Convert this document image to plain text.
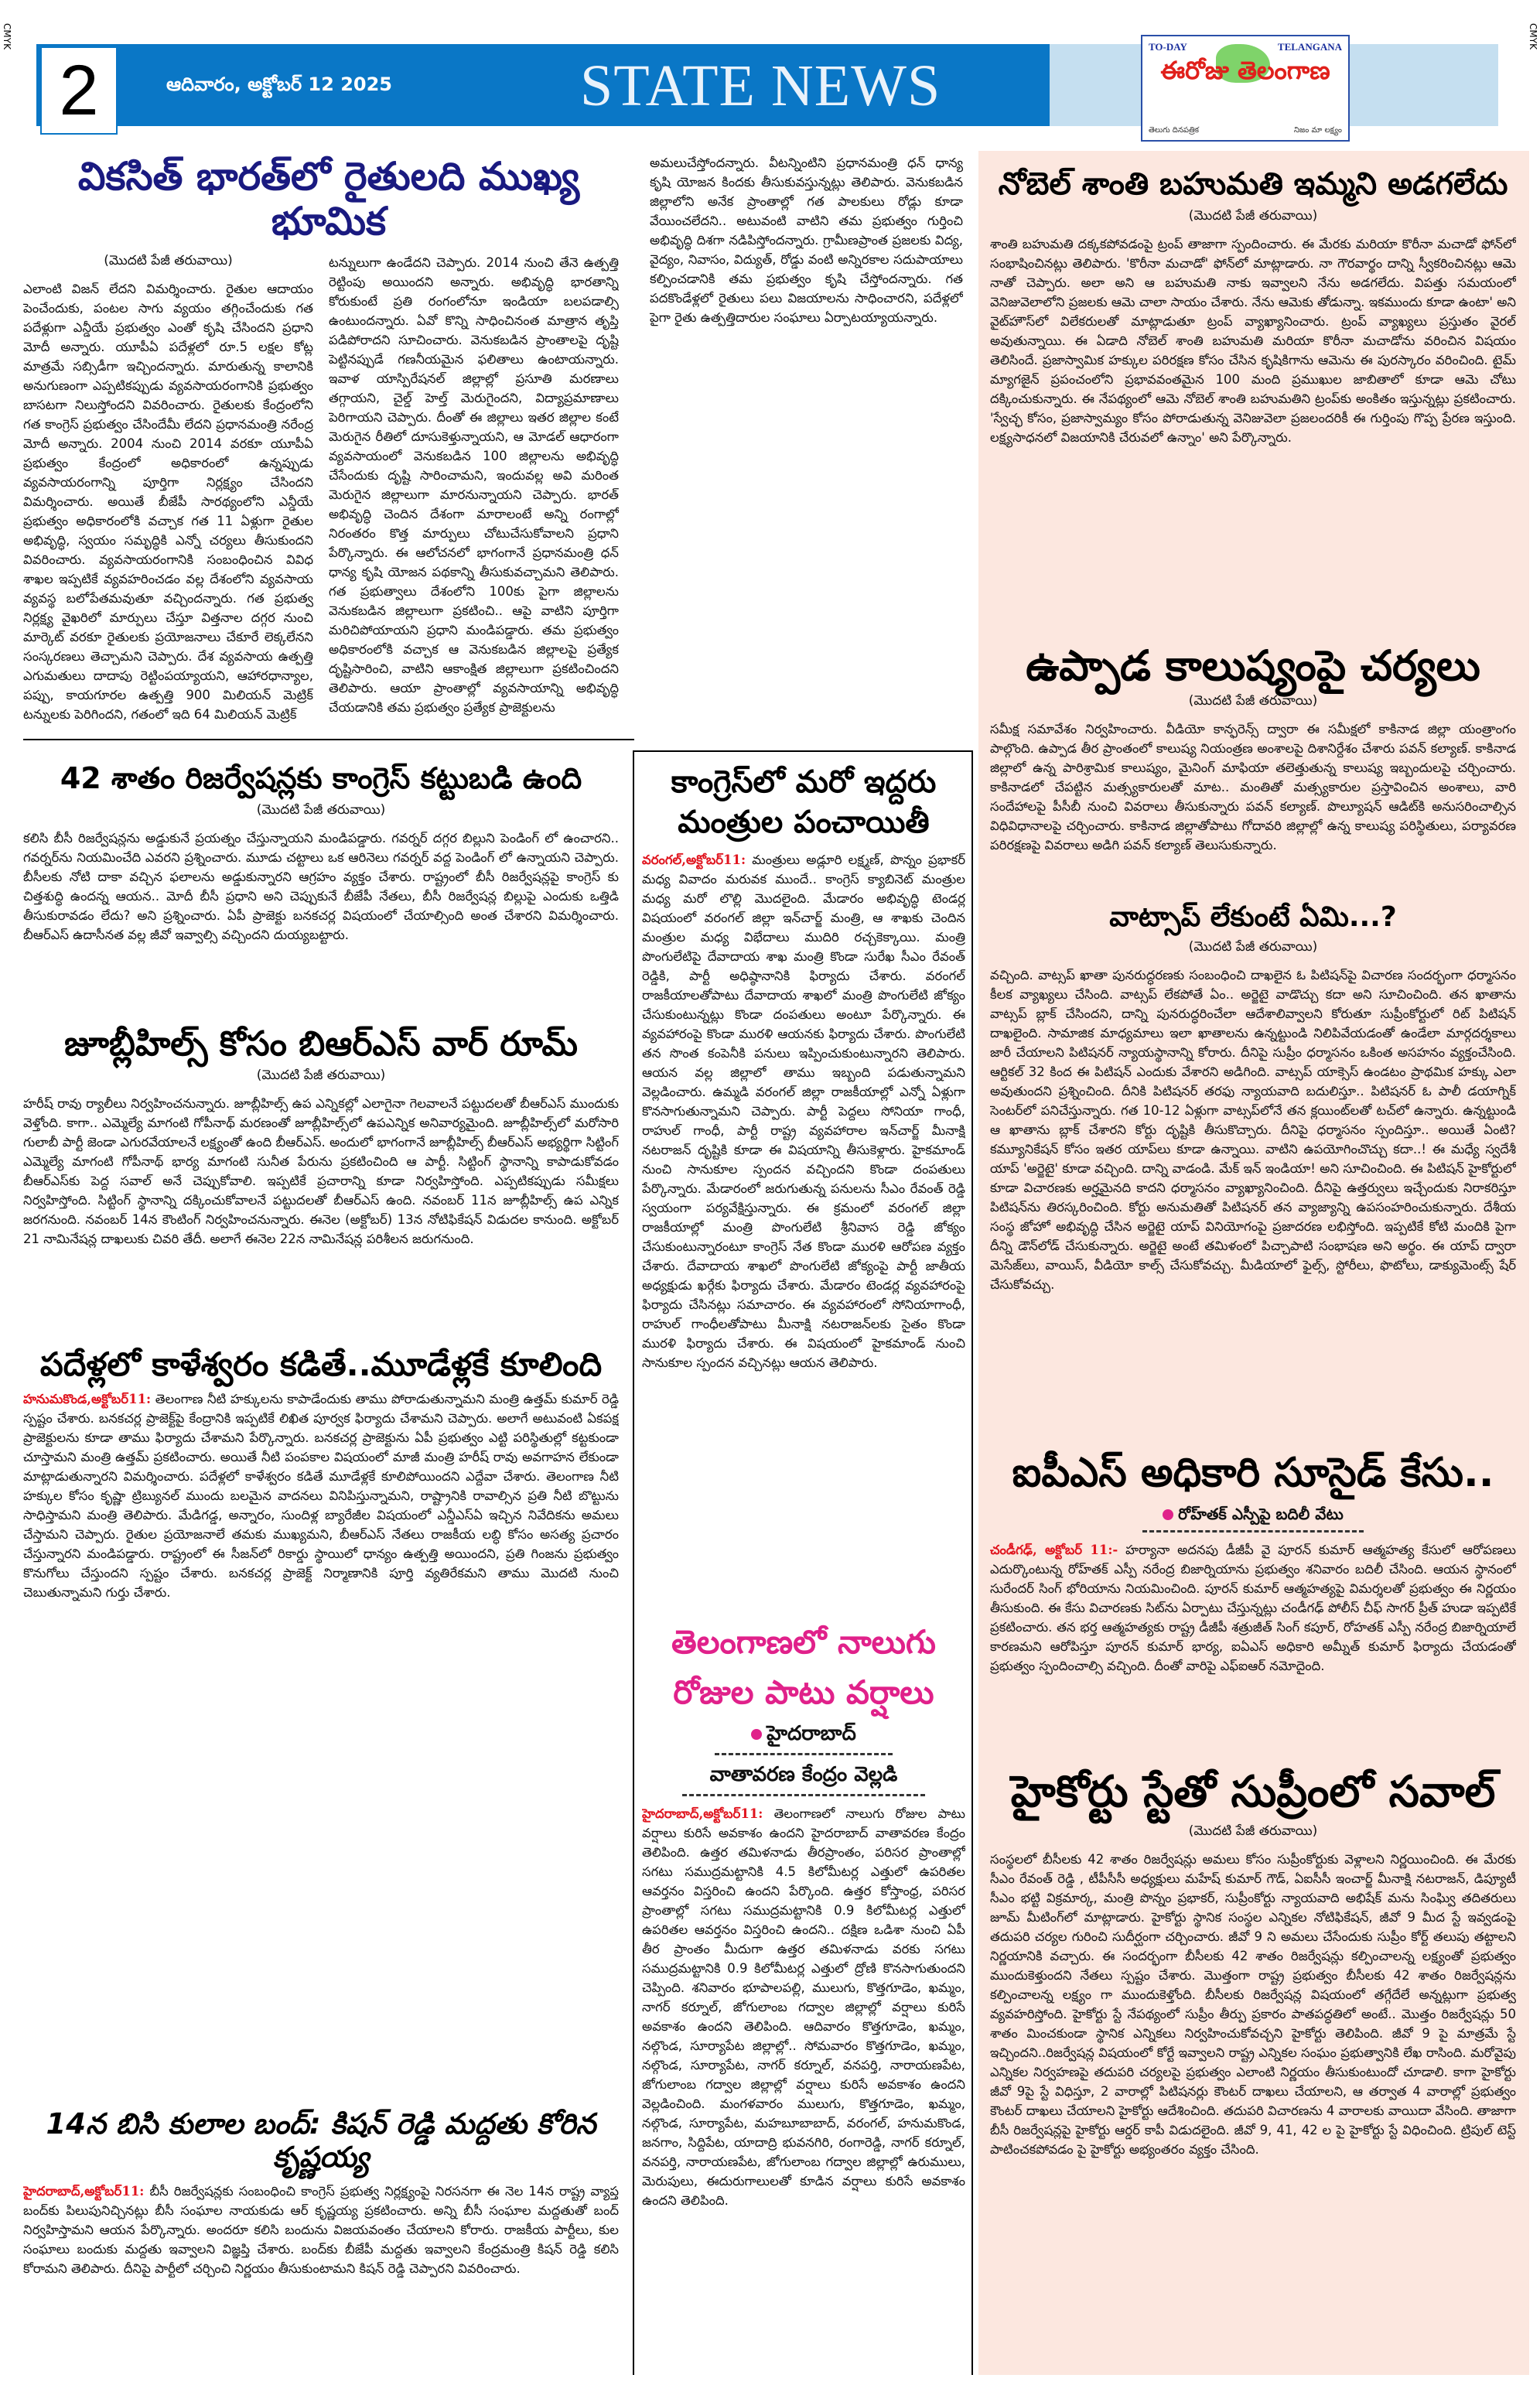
CMYK	CMYK
2	ఆదివారం, అక్టోబర్ 12 2025	STATE NEWS
TO-DAY	TELANGANA
ఈరోజు తెలంగాణ
తెలుగు దినపత్రిక	నిజం మా లక్ష్యం
వికసిత్ భారత్‌లో రైతులది ముఖ్య భూమిక
(మొదటి పేజీ తరువాయి)
ఎలాంటి విజన్ లేదని విమర్శించారు. రైతుల ఆదాయం పెంచేందుకు, పంటల సాగు వ్యయం తగ్గించేందుకు గత పదేళ్లుగా ఎన్డీయే ప్రభుత్వం ఎంతో కృషి చేసిందని ప్రధాని మోదీ అన్నారు. యూపీఏ పదేళ్లలో రూ.5 లక్షల కోట్ల మాత్రమే సబ్సిడీగా ఇచ్చిందన్నారు. మారుతున్న కాలానికి అనుగుణంగా ఎప్పటికప్పుడు వ్యవసాయరంగానికి ప్రభుత్వం బాసటగా నిలుస్తోందని వివరించారు. రైతులకు కేంద్రంలోని గత కాంగ్రెస్ ప్రభుత్వం చేసిందేమీ లేదని ప్రధానమంత్రి నరేంద్ర మోదీ అన్నారు. 2004 నుంచి 2014 వరకూ యూపీఏ ప్రభుత్వం కేంద్రంలో అధికారంలో ఉన్నప్పుడు వ్యవసాయరంగాన్ని పూర్తిగా నిర్లక్ష్యం చేసిందని విమర్శించారు. అయితే బీజేపీ సారథ్యంలోని ఎన్డీయే ప్రభుత్వం అధికారంలోకి వచ్చాక గత 11 ఏళ్లుగా రైతుల అభివృద్ధి, స్వయం సమృద్ధికి ఎన్నో చర్యలు తీసుకుందని వివరించారు. వ్యవసాయరంగానికి సంబంధించిన వివిధ శాఖల ఇప్పటికే వ్యవహరించడం వల్ల దేశంలోని వ్యవసాయ వ్యవస్థ బలోపేతమవుతూ వచ్చిందన్నారు. గత ప్రభుత్వ నిర్లక్ష్య వైఖరిలో మార్పులు చేస్తూ విత్తనాల దగ్గర నుంచి మార్కెట్ వరకూ రైతులకు ప్రయోజనాలు చేకూరే లెక్కలేనని సంస్కరణలు తెచ్చామని చెప్పారు. దేశ వ్యవసాయ ఉత్పత్తి ఎగుమతులు దాదాపు రెట్టింపయ్యాయని, ఆహారధాన్యాల, పప్పు, కాయగూరల ఉత్పత్తి 900 మిలియన్ మెట్రిక్ టన్నులకు పెరిగిందని, గతంలో ఇది 64 మిలియన్ మెట్రిక్
టన్నులుగా ఉండేదని చెప్పారు. 2014 నుంచి తేనె ఉత్పత్తి రెట్టింపు అయిందని అన్నారు. అభివృద్ధి భారతాన్ని కోరుకుంటే ప్రతి రంగంలోనూ ఇండియా బలపడాల్సి ఉంటుందన్నారు. ఏవో కొన్ని సాధించినంత మాత్రాన తృప్తి పడిపోరాదని సూచించారు. వెనుకబడిన ప్రాంతాలపై దృష్టి పెట్టినప్పుడే గణనీయమైన ఫలితాలు ఉంటాయన్నారు. ఇవాళ యాస్పిరేషనల్ జిల్లాల్లో ప్రసూతి మరణాలు తగ్గాయని, చైల్డ్ హెల్త్ మెరుగైందని, విద్యాప్రమాణాలు పెరిగాయని చెప్పారు. దీంతో ఈ జిల్లాలు ఇతర జిల్లాల కంటే మెరుగైన రీతిలో దూసుకెళ్తున్నాయని, ఆ మోడల్ ఆధారంగా వ్యవసాయంలో వెనుకబడిన 100 జిల్లాలను అభివృద్ధి చేసేందుకు దృష్టి సారించామని, ఇందువల్ల అవి మరింత మెరుగైన జిల్లాలుగా మారనున్నాయని చెప్పారు. భారత్ అభివృద్ధి చెందిన దేశంగా మారాలంటే అన్ని రంగాల్లో నిరంతరం కొత్త మార్పులు చోటుచేసుకోవాలని ప్రధాని పేర్కొన్నారు. ఈ ఆలోచనలో భాగంగానే ప్రధానమంత్రి ధన్ ధాన్య కృషి యోజన పథకాన్ని తీసుకువచ్చామని తెలిపారు. గత ప్రభుత్వాలు దేశంలోని 100కు పైగా జిల్లాలను వెనుకబడిన జిల్లాలుగా ప్రకటించి.. ఆపై వాటిని పూర్తిగా మరిచిపోయాయని ప్రధాని మండిపడ్డారు. తమ ప్రభుత్వం అధికారంలోకి వచ్చాక ఆ వెనుకబడిన జిల్లాలపై ప్రత్యేక దృష్టిసారించి, వాటిని ఆకాంక్షిత జిల్లాలుగా ప్రకటించిందని తెలిపారు. ఆయా ప్రాంతాల్లో వ్యవసాయాన్ని అభివృద్ధి చేయడానికి తమ ప్రభుత్వం ప్రత్యేక ప్రాజెక్టులను
అమలుచేస్తోందన్నారు. వీటన్నింటిని ప్రధానమంత్రి ధన్ ధాన్య కృషి యోజన కిందకు తీసుకువస్తున్నట్లు తెలిపారు. వెనుకబడిన జిల్లాలోని అనేక ప్రాంతాల్లో గత పాలకులు రోడ్లు కూడా వేయించలేదని.. అటువంటి వాటిని తమ ప్రభుత్వం గుర్తించి అభివృద్ధి దిశగా నడిపిస్తోందన్నారు. గ్రామీణప్రాంత ప్రజలకు విద్య, వైద్యం, నివాసం, విద్యుత్, రోడ్డు వంటి అన్నిరకాల సదుపాయాలు కల్పించడానికి తమ ప్రభుత్వం కృషి చేస్తోందన్నారు. గత పదకొండేళ్లలో రైతులు పలు విజయాలను సాధించారని, పదేళ్లలో పైగా రైతు ఉత్పత్తిదారుల సంఘాలు ఏర్పాటయ్యాయన్నారు.
42 శాతం రిజర్వేషన్లకు కాంగ్రెస్ కట్టుబడి ఉంది
(మొదటి పేజీ తరువాయి)
కలిసి బీసీ రిజర్వేషన్లను అడ్డుకునే ప్రయత్నం చేస్తున్నాయని మండిపడ్డారు. గవర్నర్ దగ్గర బిల్లుని పెండింగ్ లో ఉంచారని.. గవర్నర్‌ను నియమించేది ఎవరని ప్రశ్నించారు. మూడు చట్టాలు ఒక ఆరినెలు గవర్నర్ వద్ద పెండింగ్ లో ఉన్నాయని చెప్పారు. బీసీలకు నోటి దాకా వచ్చిన ఫలాలను అడ్డుకున్నారని ఆగ్రహం వ్యక్తం చేశారు. రాష్ట్రంలో బీసీ రిజర్వేషన్లపై కాంగ్రెస్ కు చిత్తశుద్ధి ఉందన్న ఆయన.. మోదీ బీసీ ప్రధాని అని చెప్పుకునే బీజేపీ నేతలు, బీసీ రిజర్వేషన్ల బిల్లుపై ఎందుకు ఒత్తిడి తీసుకురావడం లేదు? అని ప్రశ్నించారు. ఏపీ ప్రాజెక్టు బనకచర్ల విషయంలో చేయాల్సింది అంత చేశారని విమర్శించారు. బీఆర్ఎస్ ఉదాసీనత వల్ల జీవో ఇవ్వాల్సి వచ్చిందని దుయ్యబట్టారు.
జూబ్లీహిల్స్ కోసం బిఆర్ఎస్ వార్ రూమ్
(మొదటి పేజీ తరువాయి)
హరీష్ రావు ర్యాలీలు నిర్వహించనున్నారు. జూబ్లీహిల్స్ ఉప ఎన్నికల్లో ఎలాగైనా గెలవాలనే పట్టుదలతో బీఆర్ఎస్ ముందుకు వెళ్తోంది. కాగా.. ఎమ్మెల్యే మాగంటి గోపీనాథ్ మరణంతో జూబ్లీహిల్స్‌లో ఉపఎన్నిక అనివార్యమైంది. జూబ్లీహిల్స్‌లో మరోసారి గులాబీ పార్టీ జెండా ఎగురవేయాలనే లక్ష్యంతో ఉంది బీఆర్ఎస్. అందులో భాగంగానే జూబ్లీహిల్స్ బీఆర్ఎస్ అభ్యర్థిగా సిట్టింగ్ ఎమ్మెల్యే మాగంటి గోపీనాథ్ భార్య మాగంటి సునీత పేరును ప్రకటించింది ఆ పార్టీ. సిట్టింగ్ స్థానాన్ని కాపాడుకోవడం బీఆర్ఎస్‌కు పెద్ద సవాల్ అనే చెప్పుకోవాలి. ఇప్పటికే ప్రచారాన్ని కూడా నిర్వహిస్తోంది. ఎప్పటికప్పుడు సమీక్షలు నిర్వహిస్తోంది. సిట్టింగ్ స్థానాన్ని దక్కించుకోవాలనే పట్టుదలతో బీఆర్ఎస్ ఉంది. నవంబర్ 11న జూబ్లీహిల్స్ ఉప ఎన్నిక జరగనుంది. నవంబర్ 14న కౌంటింగ్ నిర్వహించనున్నారు. ఈనెల (అక్టోబర్) 13న నోటిఫికేషన్ విడుదల కానుంది. అక్టోబర్ 21 నామినేషన్ల దాఖలుకు చివరి తేదీ. అలాగే ఈనెల 22న నామినేషన్ల పరిశీలన జరుగనుంది.
పదేళ్లలో కాళేశ్వరం కడితే..మూడేళ్లకే కూలింది
హనుమకొండ,అక్టోబర్11: తెలంగాణ నీటి హక్కులను కాపాడేందుకు తాము పోరాడుతున్నామని మంత్రి ఉత్తమ్ కుమార్ రెడ్డి స్పష్టం చేశారు. బనకచర్ల ప్రాజెక్ట్‌పై కేంద్రానికి ఇప్పటికే లిఖిత పూర్వక ఫిర్యాదు చేశామని చెప్పారు. అలాగే అటువంటి ఏకపక్ష ప్రాజెక్టులను కూడా తాము ఫిర్యాదు చేశామని పేర్కొన్నారు. బనకచర్ల ప్రాజెక్టును ఏపీ ప్రభుత్వం ఎట్టి పరిస్థితుల్లో కట్టకుండా చూస్తామని మంత్రి ఉత్తమ్ ప్రకటించారు. అయితే నీటి పంపకాల విషయంలో మాజీ మంత్రి హరీష్ రావు అవగాహన లేకుండా మాట్లాడుతున్నారని విమర్శించారు. పదేళ్లలో కాళేశ్వరం కడితే మూడేళ్లకే కూలిపోయిందని ఎద్దేవా చేశారు. తెలంగాణ నీటి హక్కుల కోసం కృష్ణా ట్రిబ్యునల్ ముందు బలమైన వాదనలు వినిపిస్తున్నామని, రాష్ట్రానికి రావాల్సిన ప్రతి నీటి బొట్టును సాధిస్తామని మంత్రి తెలిపారు. మేడిగడ్డ, అన్నారం, సుందిళ్ల బ్యారేజీల విషయంలో ఎన్డీఎస్ఏ ఇచ్చిన నివేదికను అమలు చేస్తామని చెప్పారు. రైతుల ప్రయోజనాలే తమకు ముఖ్యమని, బీఆర్ఎస్ నేతలు రాజకీయ లబ్ధి కోసం అసత్య ప్రచారం చేస్తున్నారని మండిపడ్డారు. రాష్ట్రంలో ఈ సీజన్‌లో రికార్డు స్థాయిలో ధాన్యం ఉత్పత్తి అయిందని, ప్రతి గింజను ప్రభుత్వం కొనుగోలు చేస్తుందని స్పష్టం చేశారు. బనకచర్ల ప్రాజెక్ట్ నిర్మాణానికి పూర్తి వ్యతిరేకమని తాము మొదటి నుంచి చెబుతున్నామని గుర్తు చేశారు.
14న బిసి కులాల బంద్: కిషన్ రెడ్డి మద్దతు కోరిన కృష్ణయ్య
హైదరాబాద్,అక్టోబర్11: బీసీ రిజర్వేషన్లకు సంబంధించి కాంగ్రెస్ ప్రభుత్వ నిర్లక్ష్యంపై నిరసనగా ఈ నెల 14న రాష్ట్ర వ్యాప్త బంద్‌కు పిలుపునిచ్చినట్లు బీసీ సంఘాల నాయకుడు ఆర్ కృష్ణయ్య ప్రకటించారు. అన్ని బీసీ సంఘాల మద్దతుతో బంద్ నిర్వహిస్తామని ఆయన పేర్కొన్నారు. అందరూ కలిసి బందును విజయవంతం చేయాలని కోరారు. రాజకీయ పార్టీలు, కుల సంఘాలు బందుకు మద్దతు ఇవ్వాలని విజ్ఞప్తి చేశారు. బంద్‌కు బీజేపీ మద్దతు ఇవ్వాలని కేంద్రమంత్రి కిషన్ రెడ్డి కలిసి కోరామని తెలిపారు. దీనిపై పార్టీలో చర్చించి నిర్ణయం తీసుకుంటామని కిషన్ రెడ్డి చెప్పారని వివరించారు.
కాంగ్రెస్‌లో మరో ఇద్దరు మంత్రుల పంచాయితీ
వరంగల్,అక్టోబర్11: మంత్రులు అడ్లూరి లక్ష్మణ్, పొన్నం ప్రభాకర్ మధ్య వివాదం మరువక ముందే.. కాంగ్రెస్ క్యాబినెట్ మంత్రుల మధ్య మరో లొల్లి మొదలైంది. మేడారం అభివృద్ధి టెండర్ల విషయంలో వరంగల్ జిల్లా ఇన్‌చార్జ్ మంత్రి, ఆ శాఖకు చెందిన మంత్రుల మధ్య విభేదాలు ముదిరి రచ్చకెక్కాయి. మంత్రి పొంగులేటిపై దేవాదాయ శాఖ మంత్రి కొండా సురేఖ సీఎం రేవంత్ రెడ్డికి, పార్టీ అధిష్ఠానానికి ఫిర్యాదు చేశారు. వరంగల్ రాజకీయాలతోపాటు దేవాదాయ శాఖలో మంత్రి పొంగులేటి జోక్యం చేసుకుంటున్నట్లు కొండా దంపతులు అంటూ పేర్కొన్నారు. ఈ వ్యవహారంపై కొండా మురళి ఆయనకు ఫిర్యాదు చేశారు. పొంగులేటి తన సొంత కంపెనీకి పనులు ఇప్పించుకుంటున్నారని తెలిపారు. ఆయన వల్ల జిల్లాలో తాము ఇబ్బంది పడుతున్నామని వెల్లడించారు. ఉమ్మడి వరంగల్ జిల్లా రాజకీయాల్లో ఎన్నో ఏళ్లుగా కొనసాగుతున్నామని చెప్పారు. పార్టీ పెద్దలు సోనియా గాంధీ, రాహుల్ గాంధీ, పార్టీ రాష్ట్ర వ్యవహారాల ఇన్‌చార్జ్ మీనాక్షి నటరాజన్ దృష్టికి కూడా ఈ విషయాన్ని తీసుకెళ్లారు. హైకమాండ్ నుంచి సానుకూల స్పందన వచ్చిందని కొండా దంపతులు పేర్కొన్నారు. మేడారంలో జరుగుతున్న పనులను సీఎం రేవంత్ రెడ్డి స్వయంగా పర్యవేక్షిస్తున్నారు. ఈ క్రమంలో వరంగల్ జిల్లా రాజకీయాల్లో మంత్రి పొంగులేటి శ్రీనివాస రెడ్డి జోక్యం చేసుకుంటున్నారంటూ కాంగ్రెస్ నేత కొండా మురళి ఆరోపణ వ్యక్తం చేశారు. దేవాదాయ శాఖలో పొంగులేటి జోక్యంపై పార్టీ జాతీయ అధ్యక్షుడు ఖర్గేకు ఫిర్యాదు చేశారు. మేడారం టెండర్ల వ్యవహారంపై ఫిర్యాదు చేసినట్లు సమాచారం. ఈ వ్యవహారంలో సోనియాగాంధీ, రాహుల్ గాంధీలతోపాటు మీనాక్షి నటరాజన్‌లకు సైతం కొండా మురళి ఫిర్యాదు చేశారు. ఈ విషయంలో హైకమాండ్ నుంచి సానుకూల స్పందన వచ్చినట్లు ఆయన తెలిపారు.
తెలంగాణలో నాలుగు రోజుల పాటు వర్షాలు
హైదరాబాద్
వాతావరణ కేంద్రం వెల్లడి
హైదరాబాద్,అక్టోబర్11: తెలంగాణలో నాలుగు రోజుల పాటు వర్షాలు కురిసే అవకాశం ఉందని హైదరాబాద్ వాతావరణ కేంద్రం తెలిపింది. ఉత్తర తమిళనాడు తీరప్రాంతం, పరిసర ప్రాంతాల్లో సగటు సముద్రమట్టానికి 4.5 కిలోమీటర్ల ఎత్తులో ఉపరితల ఆవర్తనం విస్తరించి ఉందని పేర్కొంది. ఉత్తర కోస్తాంధ్ర, పరిసర ప్రాంతాల్లో సగటు సముద్రమట్టానికి 0.9 కిలోమీటర్ల ఎత్తులో ఉపరితల ఆవర్తనం విస్తరించి ఉందని.. దక్షిణ ఒడిశా నుంచి ఏపీ తీర ప్రాంతం మీదుగా ఉత్తర తమిళనాడు వరకు సగటు సముద్రమట్టానికి 0.9 కిలోమీటర్ల ఎత్తులో ద్రోణి కొనసాగుతుందని చెప్పింది. శనివారం భూపాలపల్లి, ములుగు, కొత్తగూడెం, ఖమ్మం, నాగర్ కర్నూల్, జోగులాంబ గద్వాల జిల్లాల్లో వర్షాలు కురిసే అవకాశం ఉందని తెలిపింది. ఆదివారం కొత్తగూడెం, ఖమ్మం, నల్గొండ, సూర్యాపేట జిల్లాల్లో.. సోమవారం కొత్తగూడెం, ఖమ్మం, నల్గొండ, సూర్యాపేట, నాగర్ కర్నూల్, వనపర్తి, నారాయణపేట, జోగులాంబ గద్వాల జిల్లాల్లో వర్షాలు కురిసే అవకాశం ఉందని వెల్లడించింది. మంగళవారం ములుగు, కొత్తగూడెం, ఖమ్మం, నల్గొండ, సూర్యాపేట, మహబూబాబాద్, వరంగల్, హనుమకొండ, జనగాం, సిద్దిపేట, యాదాద్రి భువనగిరి, రంగారెడ్డి, నాగర్ కర్నూల్, వనపర్తి, నారాయణపేట, జోగులాంబ గద్వాల జిల్లాల్లో ఉరుములు, మెరుపులు, ఈదురుగాలులతో కూడిన వర్షాలు కురిసే అవకాశం ఉందని తెలిపింది.
నోబెల్ శాంతి బహుమతి ఇమ్మని అడగలేదు
(మొదటి పేజీ తరువాయి)
శాంతి బహుమతి దక్కకపోవడంపై ట్రంప్ తాజాగా స్పందించారు. ఈ మేరకు మరియా కొరీనా మచాడో ఫోన్‌లో సంభాషించినట్లు తెలిపారు. 'కొరీనా మచాడో' ఫోన్‌లో మాట్లాడారు. నా గౌరవార్థం దాన్ని స్వీకరించినట్లు ఆమె నాతో చెప్పారు. అలా అని ఆ బహుమతి నాకు ఇవ్వాలని నేను అడగలేదు. విపత్తు సమయంలో వెనిజువెలాలోని ప్రజలకు ఆమె చాలా సాయం చేశారు. నేను ఆమెకు తోడున్నా. ఇకముందు కూడా ఉంటా' అని వైట్‌హౌస్‌లో విలేకరులతో మాట్లాడుతూ ట్రంప్ వ్యాఖ్యానించారు. ట్రంప్ వ్యాఖ్యలు ప్రస్తుతం వైరల్ అవుతున్నాయి. ఈ ఏడాది నోబెల్ శాంతి బహుమతి మరియా కొరీనా మచాడోను వరించిన విషయం తెలిసిందే. ప్రజాస్వామిక హక్కుల పరిరక్షణ కోసం చేసిన కృషికిగాను ఆమెను ఈ పురస్కారం వరించింది. టైమ్ మ్యాగజైన్ ప్రపంచంలోని ప్రభావవంతమైన 100 మంది ప్రముఖుల జాబితాలో కూడా ఆమె చోటు దక్కించుకున్నారు. ఈ నేపథ్యంలో ఆమె నోబెల్ శాంతి బహుమతిని ట్రంప్‌కు అంకితం ఇస్తున్నట్లు ప్రకటించారు. 'స్వేచ్ఛ కోసం, ప్రజాస్వామ్యం కోసం పోరాడుతున్న వెనిజువెలా ప్రజలందరికీ ఈ గుర్తింపు గొప్ప ప్రేరణ ఇస్తుంది. లక్ష్యసాధనలో విజయానికి చేరువలో ఉన్నాం' అని పేర్కొన్నారు.
ఉప్పాడ కాలుష్యంపై చర్యలు
(మొదటి పేజీ తరువాయి)
సమీక్ష సమావేశం నిర్వహించారు. వీడియో కాన్ఫరెన్స్ ద్వారా ఈ సమీక్షలో కాకినాడ జిల్లా యంత్రాంగం పాల్గొంది. ఉప్పాడ తీర ప్రాంతంలో కాలుష్య నియంత్రణ అంశాలపై దిశానిర్దేశం చేశారు పవన్ కల్యాణ్. కాకినాడ జిల్లాలో ఉన్న పారిశ్రామిక కాలుష్యం, మైనింగ్ మాఫియా తలెత్తుతున్న కాలుష్య ఇబ్బందులపై చర్చించారు. కాకినాడలో చేపట్టిన మత్స్యకారులతో మాట.. మంతితో మత్స్యకారుల ప్రస్తావించిన అంశాలు, వారి సందేహాలపై పీసీబీ నుంచి వివరాలు తీసుకున్నారు పవన్ కల్యాణ్. పొల్యూషన్ ఆడిట్‌కి అనుసరించాల్సిన విధివిధానాలపై చర్చించారు. కాకినాడ జిల్లాతోపాటు గోదావరి జిల్లాల్లో ఉన్న కాలుష్య పరిస్థితులు, పర్యావరణ పరిరక్షణపై వివరాలు అడిగి పవన్ కల్యాణ్ తెలుసుకున్నారు.
వాట్సాప్ లేకుంటే ఏమి...?
(మొదటి పేజీ తరువాయి)
వచ్చింది. వాట్సప్ ఖాతా పునరుద్ధరణకు సంబంధించి దాఖలైన ఓ పిటిషన్‌పై విచారణ సందర్భంగా ధర్మాసనం కీలక వ్యాఖ్యలు చేసింది. వాట్సప్ లేకపోతే ఏం.. అర్జెటై వాడొచ్చు కదా అని సూచించింది. తన ఖాతాను వాట్సప్ బ్లాక్ చేసిందని, దాన్ని పునరుద్ధరించేలా ఆదేశాలివ్వాలని కోరుతూ సుప్రీంకోర్టులో రిట్ పిటిషన్ దాఖలైంది. సామాజిక మాధ్యమాలు ఇలా ఖాతాలను ఉన్నట్టుండి నిలిపివేయడంతో ఉండేలా మార్గదర్శకాలు జారీ చేయాలని పిటిషనర్ న్యాయస్థానాన్ని కోరారు. దీనిపై సుప్రీం ధర్మాసనం ఒకింత అసహనం వ్యక్తంచేసింది. ఆర్టికల్ 32 కింద ఈ పిటిషన్ ఎందుకు వేశారని అడిగింది. వాట్సప్ యాక్సెస్ ఉండటం ప్రాథమిక హక్కు ఎలా అవుతుందని ప్రశ్నించింది. దీనికి పిటిషనర్ తరఫు న్యాయవాది బదులిస్తూ.. పిటిషనర్ ఓ పాలీ డయాగ్నిక్ సెంటర్‌లో పనిచేస్తున్నారు. గత 10-12 ఏళ్లుగా వాట్సప్‌లోనే తన క్లయింట్‌లతో టచ్‌లో ఉన్నారు. ఉన్నట్టుండి ఆ ఖాతాను బ్లాక్ చేశారని కోర్టు దృష్టికి తీసుకొచ్చారు. దీనిపై ధర్మాసనం స్పందిస్తూ.. అయితే ఏంటి? కమ్యూనికేషన్ కోసం ఇతర యాప్‌లు కూడా ఉన్నాయి. వాటిని ఉపయోగించొచ్చు కదా..! ఈ మధ్యే స్వదేశీ యాప్ 'అర్జెటై' కూడా వచ్చింది. దాన్ని వాడండి. మేక్ ఇన్ ఇండియా! అని సూచించింది. ఈ పిటిషన్ హైకోర్టులో కూడా విచారణకు అర్హమైనది కాదని ధర్మాసనం వ్యాఖ్యానించింది. దీనిపై ఉత్తర్వులు ఇచ్చేందుకు నిరాకరిస్తూ పిటిషన్‌ను తిరస్కరించింది. కోర్టు అనుమతితో పిటిషనర్ తన వ్యాజ్యాన్ని ఉపసంహరించుకున్నారు. దేశీయ సంస్థ జోహో అభివృద్ధి చేసిన అర్జెటై యాప్ వినియోగంపై ప్రజాదరణ లభిస్తోంది. ఇప్పటికే కోటి మందికి పైగా దీన్ని డౌన్‌లోడ్ చేసుకున్నారు. అర్జెటై అంటే తమిళంలో పిచ్చాపాటి సంభాషణ అని అర్థం. ఈ యాప్ ద్వారా మెసేజ్‌లు, వాయిస్, వీడియో కాల్స్ చేసుకోవచ్చు. మీడియాలో ఫైల్స్, స్టోరీలు, ఫొటోలు, డాక్యుమెంట్స్ షేర్ చేసుకోవచ్చు.
ఐపీఎస్ అధికారి సూసైడ్ కేసు..
రోహ్‌తక్ ఎస్పీపై బదిలీ వేటు
చండీగఢ్, అక్టోబర్ 11:- హర్యానా అదనపు డీజీపీ వై పూరన్ కుమార్ ఆత్మహత్య కేసులో ఆరోపణలు ఎదుర్కొంటున్న రోహ్‌తక్ ఎస్పీ నరేంద్ర బిజార్నియాను ప్రభుత్వం శనివారం బదిలీ చేసింది. ఆయన స్థానంలో సురేందర్ సింగ్ భోరియాను నియమించింది. పూరన్ కుమార్ ఆత్మహత్యపై విమర్శలతో ప్రభుత్వం ఈ నిర్ణయం తీసుకుంది. ఈ కేసు విచారణకు సిట్‌ను ఏర్పాటు చేస్తున్నట్లు చండీగఢ్ పోలీస్ చీఫ్ సాగర్ ప్రీత్ హుడా ఇప్పటికే ప్రకటించారు. తన భర్త ఆత్మహత్యకు రాష్ట్ర డీజీపీ శత్రుజీత్ సింగ్ కపూర్, రోహతక్ ఎస్పీ నరేంద్ర బిజార్నియాలే కారణమని ఆరోపిస్తూ పూరన్ కుమార్ భార్య, ఐఏఎస్ అధికారి అమ్నీత్ కుమార్ ఫిర్యాదు చేయడంతో ప్రభుత్వం స్పందించాల్సి వచ్చింది. దీంతో వారిపై ఎఫ్ఐఆర్ నమోదైంది.
హైకోర్టు స్టేతో సుప్రీంలో సవాల్
(మొదటి పేజీ తరువాయి)
సంస్థలలో బీసీలకు 42 శాతం రిజర్వేషన్లు అమలు కోసం సుప్రీంకోర్టుకు వెళ్లాలని నిర్ణయించింది. ఈ మేరకు సీఎం రేవంత్ రెడ్డి , టీపీసీసీ అధ్యక్షులు మహేష్ కుమార్ గౌడ్, ఏఐసీసీ ఇంచార్జ్ మీనాక్షి నటరాజన్, డిప్యూటీ సీఎం భట్టి విక్రమార్క, మంత్రి పొన్నం ప్రభాకర్, సుప్రీంకోర్టు న్యాయవాది అభిషేక్ మను సింఘ్వి తదితరులు జూమ్ మీటింగ్‌లో మాట్లాడారు. హైకోర్టు స్థానిక సంస్థల ఎన్నికల నోటిఫికేషన్, జీవో 9 మీద స్టే ఇవ్వడంపై తదుపరి చర్యల గురించి సుదీర్ఘంగా చర్చించారు. జీవో 9 ని అమలు చేసేందుకు సుప్రీం కోర్ట్ తలుపు తట్టాలని నిర్ణయానికి వచ్చారు. ఈ సందర్భంగా బీసీలకు 42 శాతం రిజర్వేషన్లు కల్పించాలన్న లక్ష్యంతో ప్రభుత్వం ముందుకెళ్తుందని నేతలు స్పష్టం చేశారు. మొత్తంగా రాష్ట్ర ప్రభుత్వం బీసీలకు 42 శాతం రిజర్వేషన్లను కల్పించాలన్న లక్ష్యం గా ముందుకెళ్తోంది. బీసీలకు రిజర్వేషన్ల విషయంలో తగ్గేదేలే అన్నట్లుగా ప్రభుత్వ వ్యవహరిస్తోంది. హైకోర్టు స్టే నేపథ్యంలో సుప్రీం తీర్పు ప్రకారం పాతపద్ధతిలో అంటే.. మొత్తం రిజర్వేషన్లు 50 శాతం మించకుండా స్థానిక ఎన్నికలు నిర్వహించుకోవచ్చని హైకోర్టు తెలిపింది. జీవో 9 పై మాత్రమే స్టే ఇచ్చిందని..రిజర్వేషన్ల విషయంలో కోర్టే ఇవ్వాలని రాష్ట్ర ఎన్నికల సంఘం ప్రభుత్వానికి లేఖ రాసింది. మరోవైపు ఎన్నికల నిర్వహణపై తదుపరి చర్యలపై ప్రభుత్వం ఎలాంటి నిర్ణయం తీసుకుంటుందో చూడాలి. కాగా హైకోర్టు జీవో 9పై స్టే విధిస్తూ, 2 వారాల్లో పిటిషనర్లు కౌంటర్ దాఖలు చేయాలని, ఆ తర్వాత 4 వారాల్లో ప్రభుత్వం కౌంటర్ దాఖలు చేయాలని హైకోర్టు ఆదేశించింది. తదుపరి విచారణను 4 వారాలకు వాయిదా వేసింది. తాజాగా బీసీ రిజర్వేషన్లపై హైకోర్టు ఆర్డర్ కాపీ విడుదలైంది. జీవో 9, 41, 42 ల పై హైకోర్టు స్టే విధించింది. ట్రిపుల్ టెస్ట్ పాటించకపోవడం పై హైకోర్టు అభ్యంతరం వ్యక్తం చేసింది.
